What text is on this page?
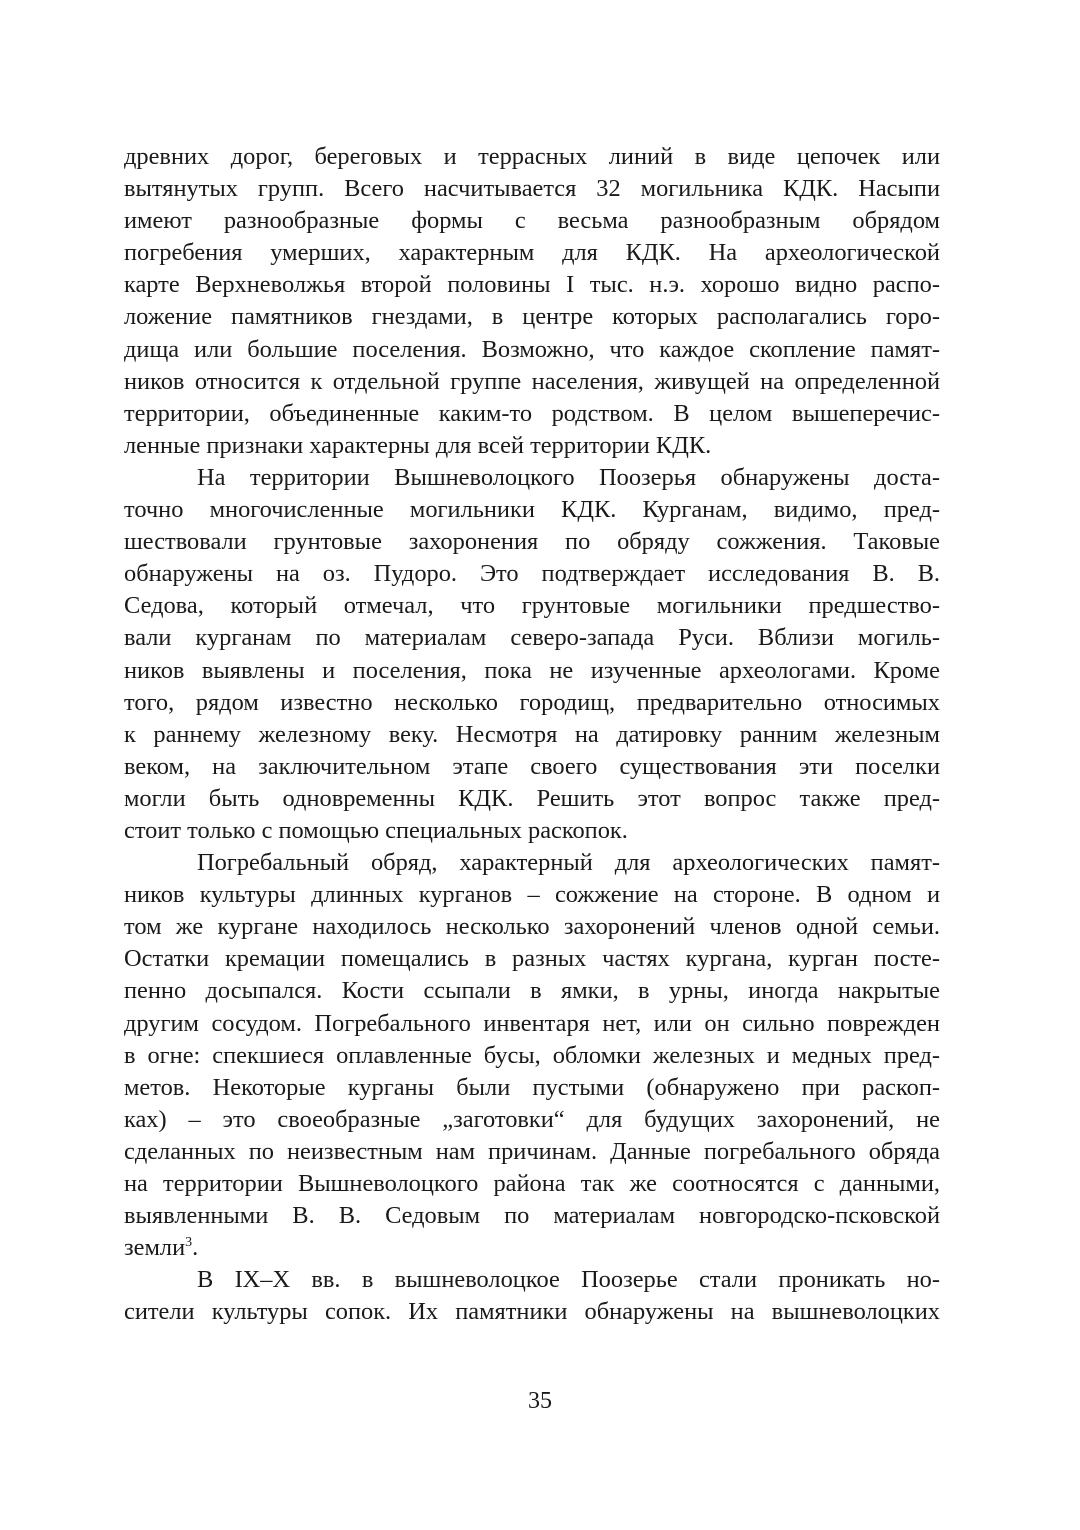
древних дорог, береговых и террасных линий в виде цепочек или
вытянутых групп. Всего насчитывается 32 могильника КДК. Насыпи
имеют разнообразные формы с весьма разнообразным обрядом
погребения умерших, характерным для КДК. На археологической
карте Верхневолжья второй половины I тыс. н.э. хорошо видно распо-
ложение памятников гнездами, в центре которых располагались горо-
дища или большие поселения. Возможно, что каждое скопление памят-
ников относится к отдельной группе населения, живущей на определенной
территории, объединенные каким-то родством. В целом вышеперечис-
ленные признаки характерны для всей территории КДК.
На территории Вышневолоцкого Поозерья обнаружены доста-
точно многочисленные могильники КДК. Курганам, видимо, пред-
шествовали грунтовые захоронения по обряду сожжения. Таковые
обнаружены на оз. Пудоро. Это подтверждает исследования В. В.
Седова, который отмечал, что грунтовые могильники предшество-
вали курганам по материалам северо-запада Руси. Вблизи могиль-
ников выявлены и поселения, пока не изученные археологами. Кроме
того, рядом известно несколько городищ, предварительно относимых
к раннему железному веку. Несмотря на датировку ранним железным
веком, на заключительном этапе своего существования эти поселки
могли быть одновременны КДК. Решить этот вопрос также пред-
стоит только с помощью специальных раскопок.
Погребальный обряд, характерный для археологических памят-
ников культуры длинных курганов – сожжение на стороне. В одном и
том же кургане находилось несколько захоронений членов одной семьи.
Остатки кремации помещались в разных частях кургана, курган посте-
пенно досыпался. Кости ссыпали в ямки, в урны, иногда накрытые
другим сосудом. Погребального инвентаря нет, или он сильно поврежден
в огне: спекшиеся оплавленные бусы, обломки железных и медных пред-
метов. Некоторые курганы были пустыми (обнаружено при раскоп-
ках) – это своеобразные „заготовки“ для будущих захоронений, не
сделанных по неизвестным нам причинам. Данные погребального обряда
на территории Вышневолоцкого района так же соотносятся с данными,
выявленными В. В. Седовым по материалам новгородско-псковской
земли$^3$.
В IX–X вв. в вышневолоцкое Поозерье стали проникать но-
сители культуры сопок. Их памятники обнаружены на вышневолоцких
35
